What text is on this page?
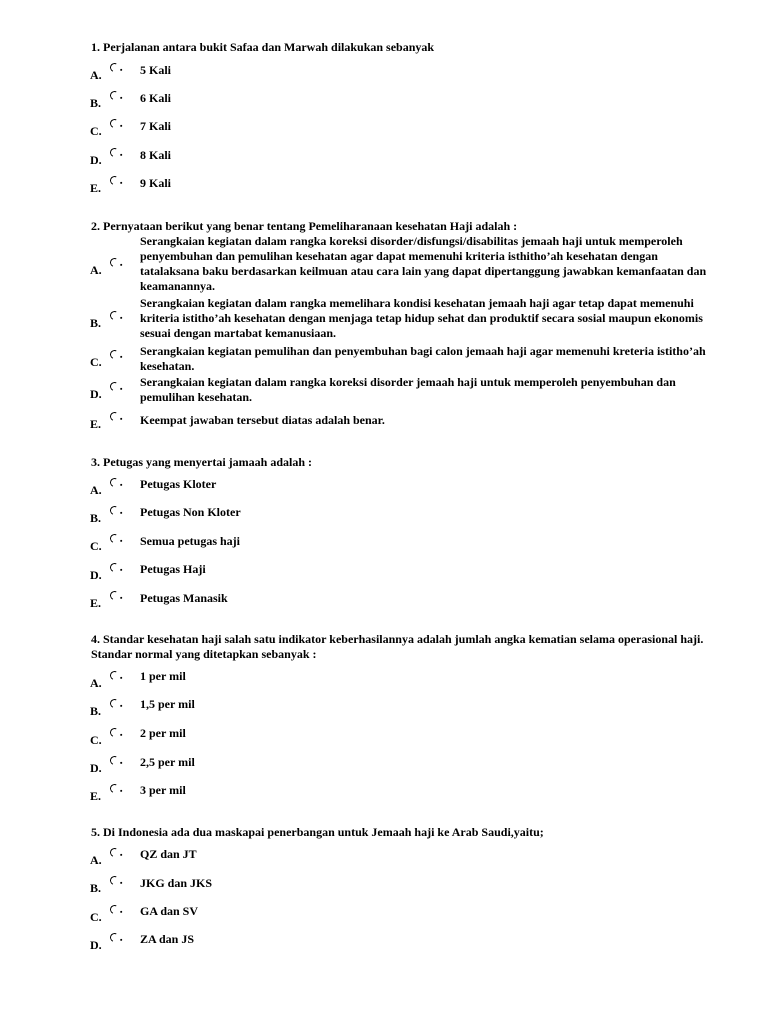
1. Perjalanan antara bukit Safaa dan Marwah dilakukan sebanyak
A.	5 Kali
B.	6 Kali
C.	7 Kali
D.	8 Kali
E.	9 Kali
2. Pernyataan berikut yang benar tentang Pemeliharanaan kesehatan Haji adalah :
A.
Serangkaian kegiatan dalam rangka koreksi disorder/disfungsi/disabilitas jemaah haji untuk memperoleh penyembuhan dan pemulihan kesehatan agar dapat memenuhi kriteria isthitho’ah kesehatan dengan tatalaksana baku berdasarkan keilmuan atau cara lain yang dapat dipertanggung jawabkan kemanfaatan dan keamanannya.
B.
Serangkaian kegiatan dalam rangka memelihara kondisi kesehatan jemaah haji agar tetap dapat memenuhi kriteria istitho’ah kesehatan dengan menjaga tetap hidup sehat dan produktif secara sosial maupun ekonomis sesuai dengan martabat kemanusiaan.
C.
Serangkaian kegiatan pemulihan dan penyembuhan bagi calon jemaah haji agar memenuhi kreteria istitho’ah kesehatan.
D.
Serangkaian kegiatan dalam rangka koreksi disorder jemaah haji untuk memperoleh penyembuhan dan pemulihan kesehatan.
E.	Keempat jawaban tersebut diatas adalah benar.
3. Petugas yang menyertai jamaah adalah :
A.	Petugas Kloter
B.	Petugas Non Kloter
C.	Semua petugas haji
D.	Petugas Haji
E.	Petugas Manasik
4. Standar kesehatan haji salah satu indikator keberhasilannya adalah jumlah angka kematian selama operasional haji. Standar normal yang ditetapkan sebanyak :
A.	1 per mil
B.	1,5 per mil
C.	2 per mil
D.	2,5 per mil
E.	3 per mil
5. Di Indonesia ada dua maskapai penerbangan untuk Jemaah haji ke Arab Saudi,yaitu;
A.	QZ dan JT
B.	JKG dan JKS
C.	GA dan SV
D.	ZA dan JS
